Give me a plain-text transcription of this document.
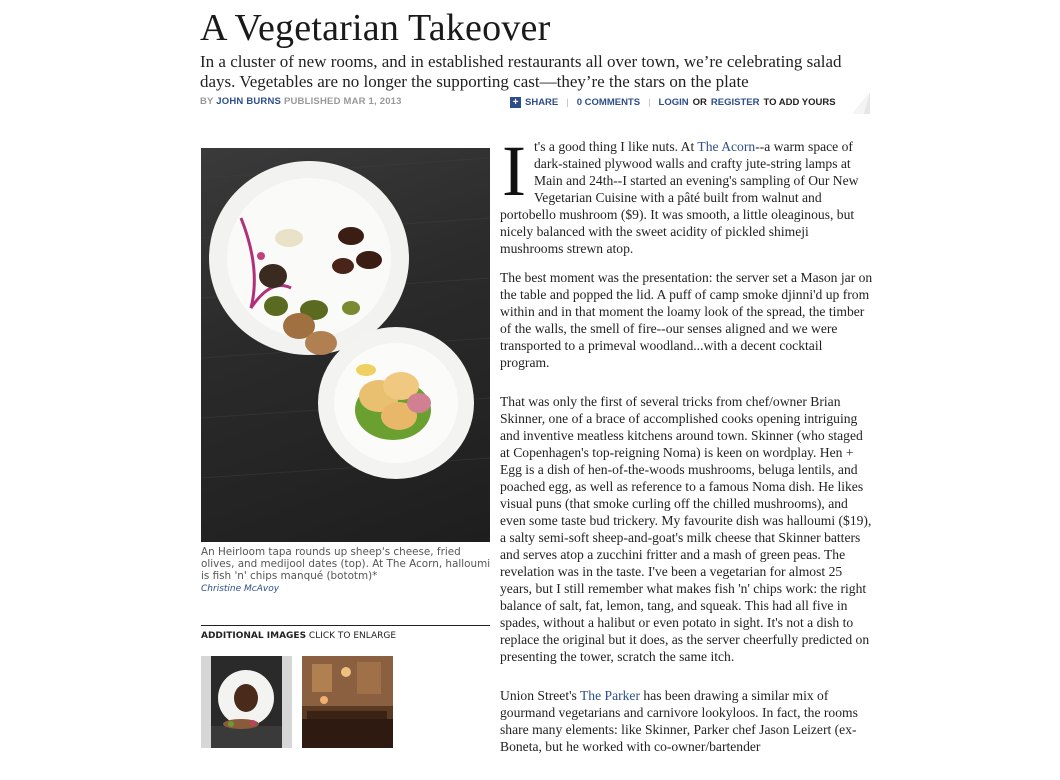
A Vegetarian Takeover

In a cluster of new rooms, and in established restaurants all over town, we’re celebrating salad days. Vegetables are no longer the supporting cast—they’re the stars on the plate

BY JOHN BURNS PUBLISHED MAR 1, 2013	+ SHARE | 0 COMMENTS | LOGIN OR REGISTER TO ADD YOURS

An Heirloom tapa rounds up sheep's cheese, fried olives, and medijool dates (top). At The Acorn, halloumi is fish 'n' chips manqué (bototm)*

Christine McAvoy
ADDITIONAL IMAGES CLICK TO ENLARGE

It's a good thing I like nuts. At The Acorn--a warm space of dark-stained plywood walls and crafty jute-string lamps at Main and 24th--I started an evening's sampling of Our New Vegetarian Cuisine with a pâté built from walnut and portobello mushroom ($9). It was smooth, a little oleaginous, but nicely balanced with the sweet acidity of pickled shimeji mushrooms strewn atop.

The best moment was the presentation: the server set a Mason jar on the table and popped the lid. A puff of camp smoke djinni'd up from within and in that moment the loamy look of the spread, the timber of the walls, the smell of fire--our senses aligned and we were transported to a primeval woodland...with a decent cocktail program.

That was only the first of several tricks from chef/owner Brian Skinner, one of a brace of accomplished cooks opening intriguing and inventive meatless kitchens around town. Skinner (who staged at Copenhagen's top-reigning Noma) is keen on wordplay. Hen + Egg is a dish of hen-of-the-woods mushrooms, beluga lentils, and poached egg, as well as reference to a famous Noma dish. He likes visual puns (that smoke curling off the chilled mushrooms), and even some taste bud trickery. My favourite dish was halloumi ($19), a salty semi-soft sheep-and-goat's milk cheese that Skinner batters and serves atop a zucchini fritter and a mash of green peas. The revelation was in the taste. I've been a vegetarian for almost 25 years, but I still remember what makes fish 'n' chips work: the right balance of salt, fat, lemon, tang, and squeak. This had all five in spades, without a halibut or even potato in sight. It's not a dish to replace the original but it does, as the server cheerfully predicted on presenting the tower, scratch the same itch.

Union Street's The Parker has been drawing a similar mix of gourmand vegetarians and carnivore lookyloos. In fact, the rooms share many elements: like Skinner, Parker chef Jason Leizert (ex-Boneta, but he worked with co-owner/bartender
